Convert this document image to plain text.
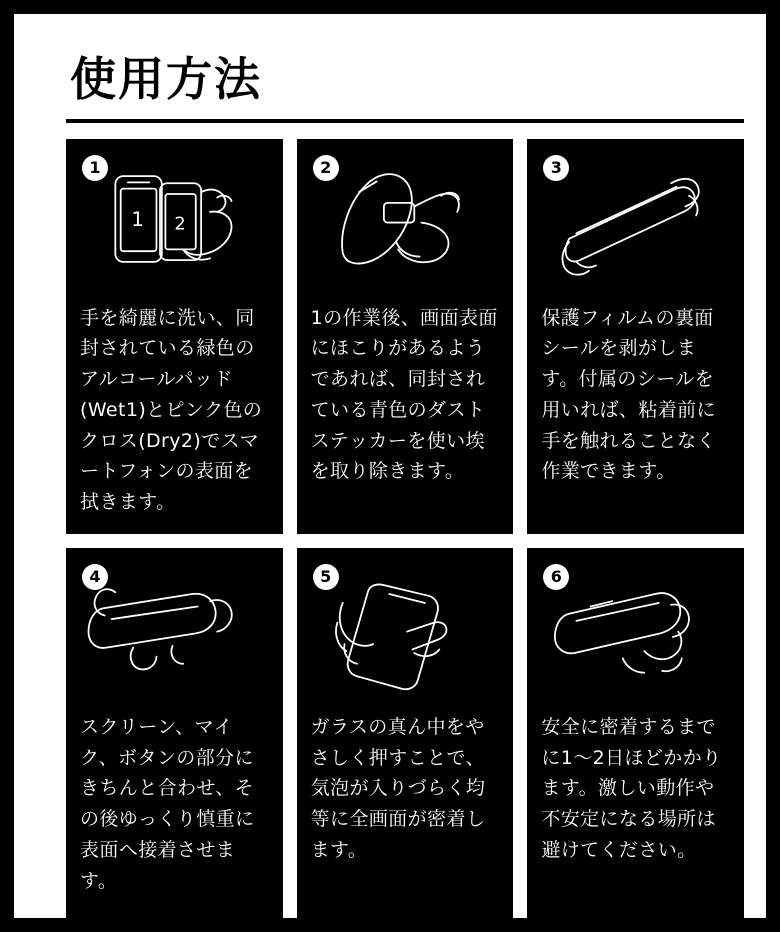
使用方法
1
1 2
手を綺麗に洗い、同封されている緑色のアルコールパッド(Wet1)とピンク色のクロス(Dry2)でスマートフォンの表面を拭きます。
2
1の作業後、画面表面にほこりがあるようであれば、同封されている青色のダストステッカーを使い埃を取り除きます。
3
保護フィルムの裏面シールを剥がします。付属のシールを用いれば、粘着前に手を触れることなく作業できます。
4
スクリーン、マイク、ボタンの部分にきちんと合わせ、その後ゆっくり慎重に表面へ接着させます。
5
ガラスの真ん中をやさしく押すことで、気泡が入りづらく均等に全画面が密着します。
6
安全に密着するまでに1〜2日ほどかかります。激しい動作や不安定になる場所は避けてください。
